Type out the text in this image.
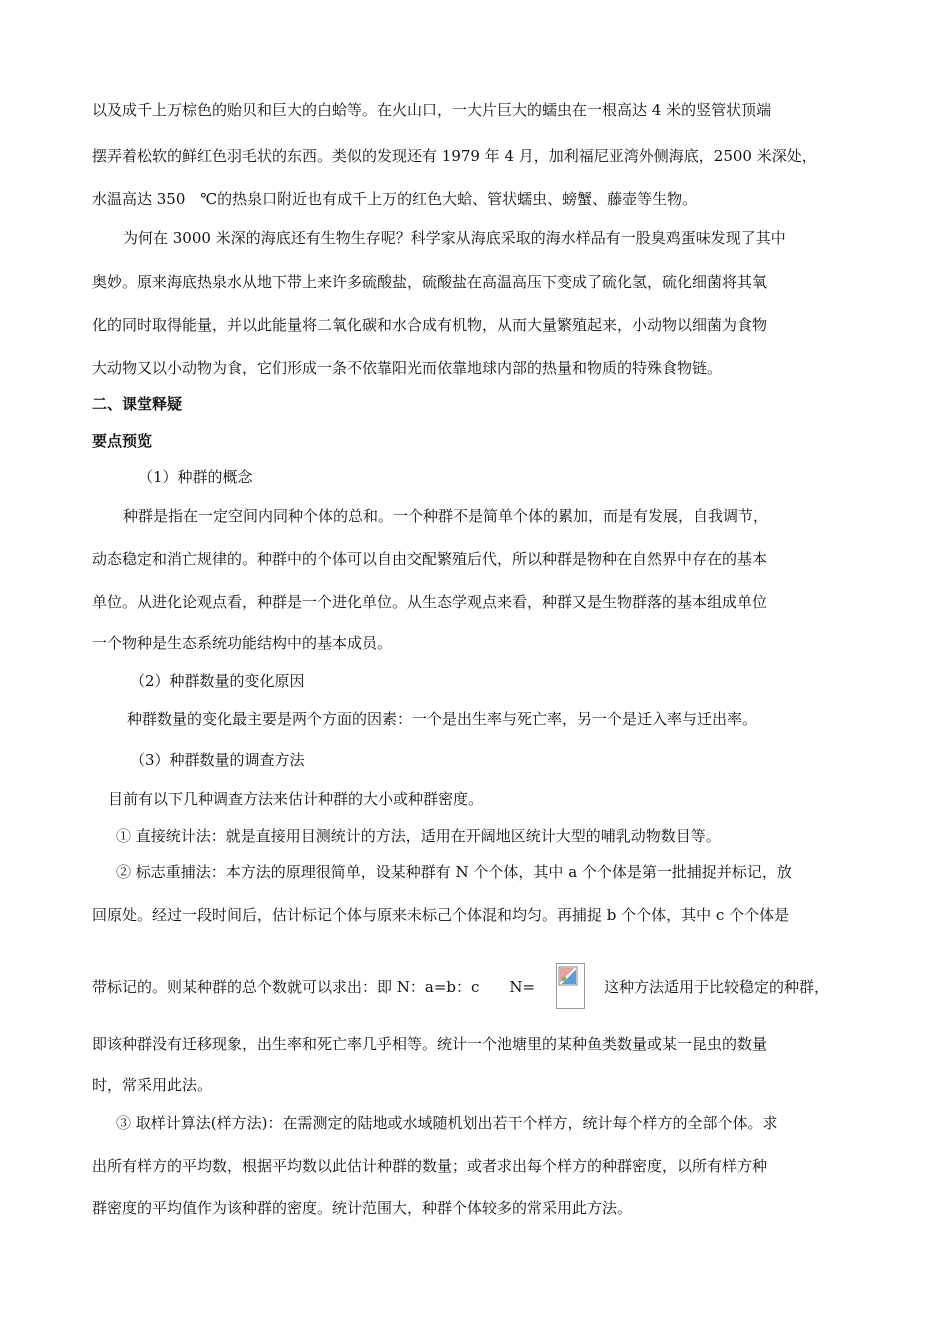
以及成千上万棕色的贻贝和巨大的白蛤等。在火山口，一大片巨大的蠕虫在一根高达 4 米的竖管状顶端
摆弄着松软的鲜红色羽毛状的东西。类似的发现还有 1979 年 4 月，加利福尼亚湾外侧海底，2500 米深处，
水温高达 350　℃的热泉口附近也有成千上万的红色大蛤、管状蠕虫、螃蟹、藤壶等生物。
为何在 3000 米深的海底还有生物生存呢？科学家从海底采取的海水样品有一股臭鸡蛋味发现了其中
奥妙。原来海底热泉水从地下带上来许多硫酸盐，硫酸盐在高温高压下变成了硫化氢，硫化细菌将其氧
化的同时取得能量，并以此能量将二氧化碳和水合成有机物，从而大量繁殖起来，小动物以细菌为食物
大动物又以小动物为食，它们形成一条不依靠阳光而依靠地球内部的热量和物质的特殊食物链。
二、课堂释疑
要点预览
（1）种群的概念
种群是指在一定空间内同种个体的总和。一个种群不是简单个体的累加，而是有发展，自我调节，
动态稳定和消亡规律的。种群中的个体可以自由交配繁殖后代，所以种群是物种在自然界中存在的基本
单位。从进化论观点看，种群是一个进化单位。从生态学观点来看，种群又是生物群落的基本组成单位
一个物种是生态系统功能结构中的基本成员。
（2）种群数量的变化原因
种群数量的变化最主要是两个方面的因素：一个是出生率与死亡率，另一个是迁入率与迁出率。
（3）种群数量的调查方法
目前有以下几种调查方法来估计种群的大小或种群密度。
① 直接统计法：就是直接用目测统计的方法，适用在开阔地区统计大型的哺乳动物数目等。
② 标志重捕法：本方法的原理很简单，设某种群有 N 个个体，其中 a 个个体是第一批捕捉并标记，放
回原处。经过一段时间后，估计标记个体与原来未标己个体混和均匀。再捕捉 b 个个体，其中 c 个个体是
带标记的。则某种群的总个数就可以求出：即 N：a=b：c　　N=	这种方法适用于比较稳定的种群，
即该种群没有迁移现象，出生率和死亡率几乎相等。统计一个池塘里的某种鱼类数量或某一昆虫的数量
时，常采用此法。
③ 取样计算法(样方法)：在需测定的陆地或水域随机划出若干个样方，统计每个样方的全部个体。求
出所有样方的平均数，根据平均数以此估计种群的数量；或者求出每个样方的种群密度，以所有样方种
群密度的平均值作为该种群的密度。统计范围大，种群个体较多的常采用此方法。
